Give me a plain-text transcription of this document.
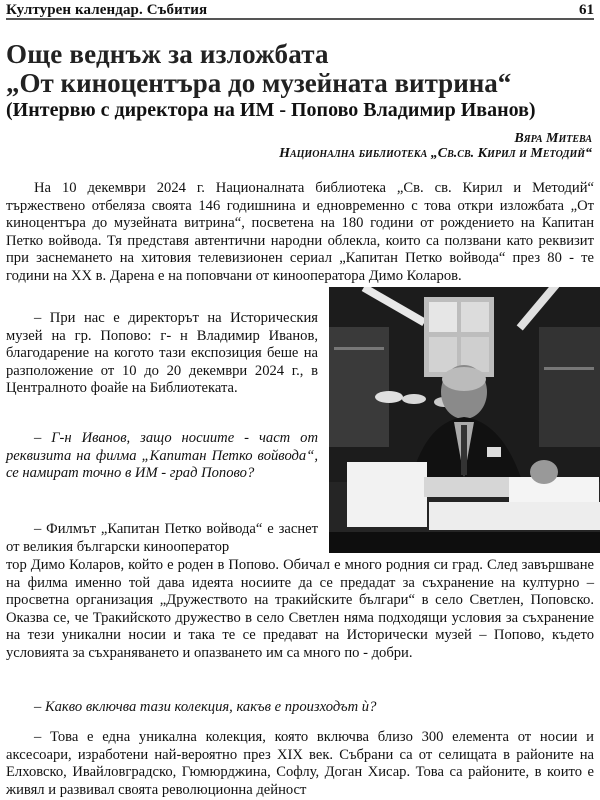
Културен календар. Събития	61
Още веднъж за изложбата
„От киноцентъра до музейната витрина“
(Интервю с директора на ИМ - Попово Владимир Иванов)
Вяра Митева
Национална библиотека „Св.св. Кирил и Методий“

На 10 декември 2024 г. Националната библиотека „Св. св. Кирил и Методий“ тържествено отбеляза своята 146 годишнина и едновременно с това откри изложбата „От киноцентъра до музейната витрина“, посветена на 180 години от рождението на Капитан Петко войвода. Тя представя автентични народни облекла, които са ползвани като реквизит при заснемането на хитовия телевизионен сериал „Капитан Петко войвода“ през 80 - те години на XX в. Дарена е на поповчани от кинооператора Димо Коларов.

– При нас е директорът на Историческия музей на гр. Попово: г- н Владимир Иванов, благодарение на когото тази експозиция беше на разположение от 10 до 20 декември 2024 г., в Централното фоайе на Библиотеката.

– Г-н Иванов, защо носиите - част от реквизита на филма „Капитан Петко войвода“, се намират точно в ИМ - град Попово?

– Филмът „Капитан Петко войвода“ е заснет от великия български кинооператор

тор Димо Коларов, който е роден в Попово. Обичал е много родния си град. След завършване на филма именно той дава идеята носиите да се предадат за съхранение на културно – просветна организация „Дружеството на тракийските българи“ в село Светлен, Поповско. Оказва се, че Тракийското дружество в село Светлен няма подходящи условия за съхранение на тези уникални носии и така те се предават на Исторически музей – Попово, където условията за съхраняването и опазването им са много по - добри.

– Какво включва тази колекция, какъв е произходът ѝ?

– Това е една уникална колекция, която включва близо 300 елемента от носии и аксесоари, изработени най-вероятно през XIX век. Събрани са от селищата в районите на Елховско, Ивайловградско, Гюмюрджина, Софлу, Доган Хисар. Това са районите, в които е живял и развивал своята революционна дейност
